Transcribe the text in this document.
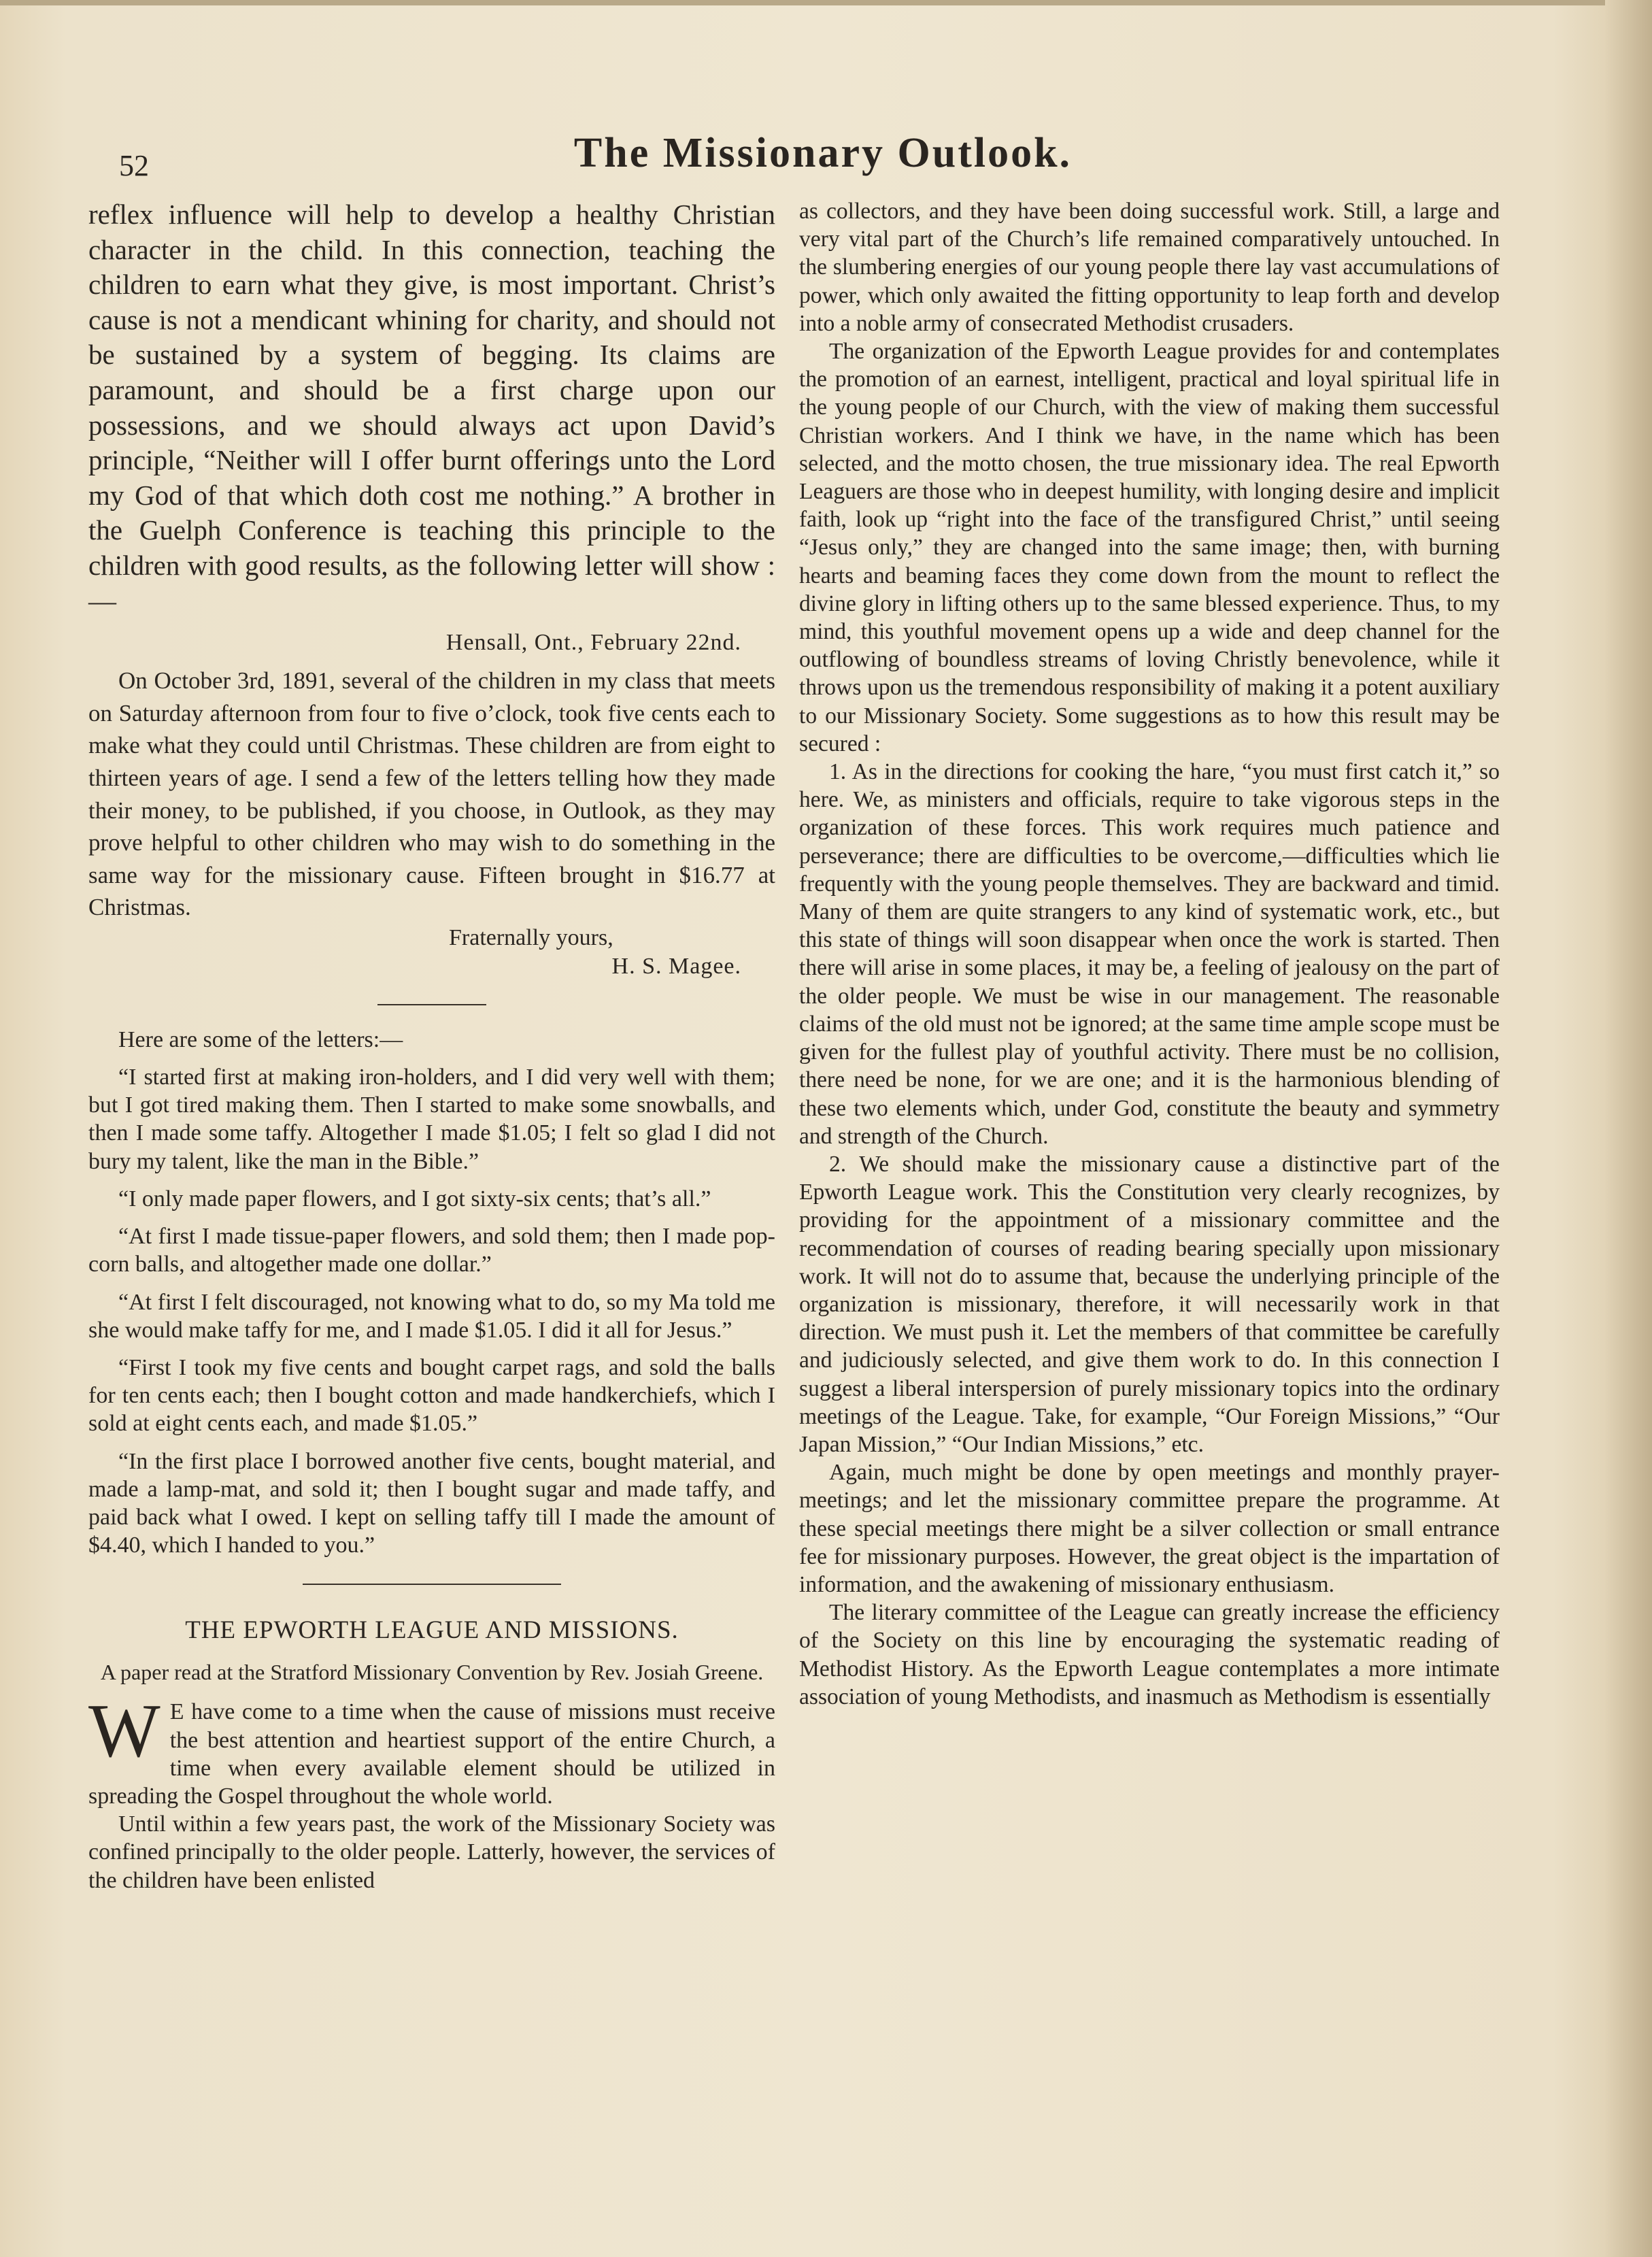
52	The Missionary Outlook.

reflex influence will help to develop a healthy Christian character in the child. In this connection, teaching the children to earn what they give, is most important. Christ’s cause is not a mendicant whining for charity, and should not be sustained by a system of begging. Its claims are paramount, and should be a first charge upon our possessions, and we should always act upon David’s principle, “Neither will I offer burnt offerings unto the Lord my God of that which doth cost me nothing.” A brother in the Guelph Conference is teaching this principle to the children with good results, as the following letter will show :—

Hensall, Ont., February 22nd.

On October 3rd, 1891, several of the children in my class that meets on Saturday afternoon from four to five o’clock, took five cents each to make what they could until Christmas. These children are from eight to thirteen years of age. I send a few of the letters telling how they made their money, to be published, if you choose, in Outlook, as they may prove helpful to other children who may wish to do something in the same way for the missionary cause. Fifteen brought in $16.77 at Christmas.

Fraternally yours,
H. S. Magee.

Here are some of the letters:—

“I started first at making iron-holders, and I did very well with them; but I got tired making them. Then I started to make some snowballs, and then I made some taffy. Altogether I made $1.05; I felt so glad I did not bury my talent, like the man in the Bible.”

“I only made paper flowers, and I got sixty-six cents; that’s all.”

“At first I made tissue-paper flowers, and sold them; then I made pop-corn balls, and altogether made one dollar.”

“At first I felt discouraged, not knowing what to do, so my Ma told me she would make taffy for me, and I made $1.05. I did it all for Jesus.”

“First I took my five cents and bought carpet rags, and sold the balls for ten cents each; then I bought cotton and made handkerchiefs, which I sold at eight cents each, and made $1.05.”

“In the first place I borrowed another five cents, bought material, and made a lamp-mat, and sold it; then I bought sugar and made taffy, and paid back what I owed. I kept on selling taffy till I made the amount of $4.40, which I handed to you.”

THE EPWORTH LEAGUE AND MISSIONS.
A paper read at the Stratford Missionary Convention by Rev. Josiah Greene.
W E have come to a time when the cause of missions must receive the best attention and heartiest support of the entire Church, a time when every available element should be utilized in spreading the Gospel throughout the whole world.

Until within a few years past, the work of the Missionary Society was confined principally to the older people. Latterly, however, the services of the children have been enlisted

as collectors, and they have been doing successful work. Still, a large and very vital part of the Church’s life remained comparatively untouched. In the slumbering energies of our young people there lay vast accumulations of power, which only awaited the fitting opportunity to leap forth and develop into a noble army of consecrated Methodist crusaders.

The organization of the Epworth League provides for and contemplates the promotion of an earnest, intelligent, practical and loyal spiritual life in the young people of our Church, with the view of making them successful Christian workers. And I think we have, in the name which has been selected, and the motto chosen, the true missionary idea. The real Epworth Leaguers are those who in deepest humility, with longing desire and implicit faith, look up “right into the face of the transfigured Christ,” until seeing “Jesus only,” they are changed into the same image; then, with burning hearts and beaming faces they come down from the mount to reflect the divine glory in lifting others up to the same blessed experience. Thus, to my mind, this youthful movement opens up a wide and deep channel for the outflowing of boundless streams of loving Christly benevolence, while it throws upon us the tremendous responsibility of making it a potent auxiliary to our Missionary Society. Some suggestions as to how this result may be secured :

1. As in the directions for cooking the hare, “you must first catch it,” so here. We, as ministers and officials, require to take vigorous steps in the organization of these forces. This work requires much patience and perseverance; there are difficulties to be overcome,—difficulties which lie frequently with the young people themselves. They are backward and timid. Many of them are quite strangers to any kind of systematic work, etc., but this state of things will soon disappear when once the work is started. Then there will arise in some places, it may be, a feeling of jealousy on the part of the older people. We must be wise in our management. The reasonable claims of the old must not be ignored; at the same time ample scope must be given for the fullest play of youthful activity. There must be no collision, there need be none, for we are one; and it is the harmonious blending of these two elements which, under God, constitute the beauty and symmetry and strength of the Church.

2. We should make the missionary cause a distinctive part of the Epworth League work. This the Constitution very clearly recognizes, by providing for the appointment of a missionary committee and the recommendation of courses of reading bearing specially upon missionary work. It will not do to assume that, because the underlying principle of the organization is missionary, therefore, it will necessarily work in that direction. We must push it. Let the members of that committee be carefully and judiciously selected, and give them work to do. In this connection I suggest a liberal interspersion of purely missionary topics into the ordinary meetings of the League. Take, for example, “Our Foreign Missions,” “Our Japan Mission,” “Our Indian Missions,” etc.

Again, much might be done by open meetings and monthly prayer-meetings; and let the missionary committee prepare the programme. At these special meetings there might be a silver collection or small entrance fee for missionary purposes. However, the great object is the impartation of information, and the awakening of missionary enthusiasm.

The literary committee of the League can greatly increase the efficiency of the Society on this line by encouraging the systematic reading of Methodist History. As the Epworth League contemplates a more intimate association of young Methodists, and inasmuch as Methodism is essentially
